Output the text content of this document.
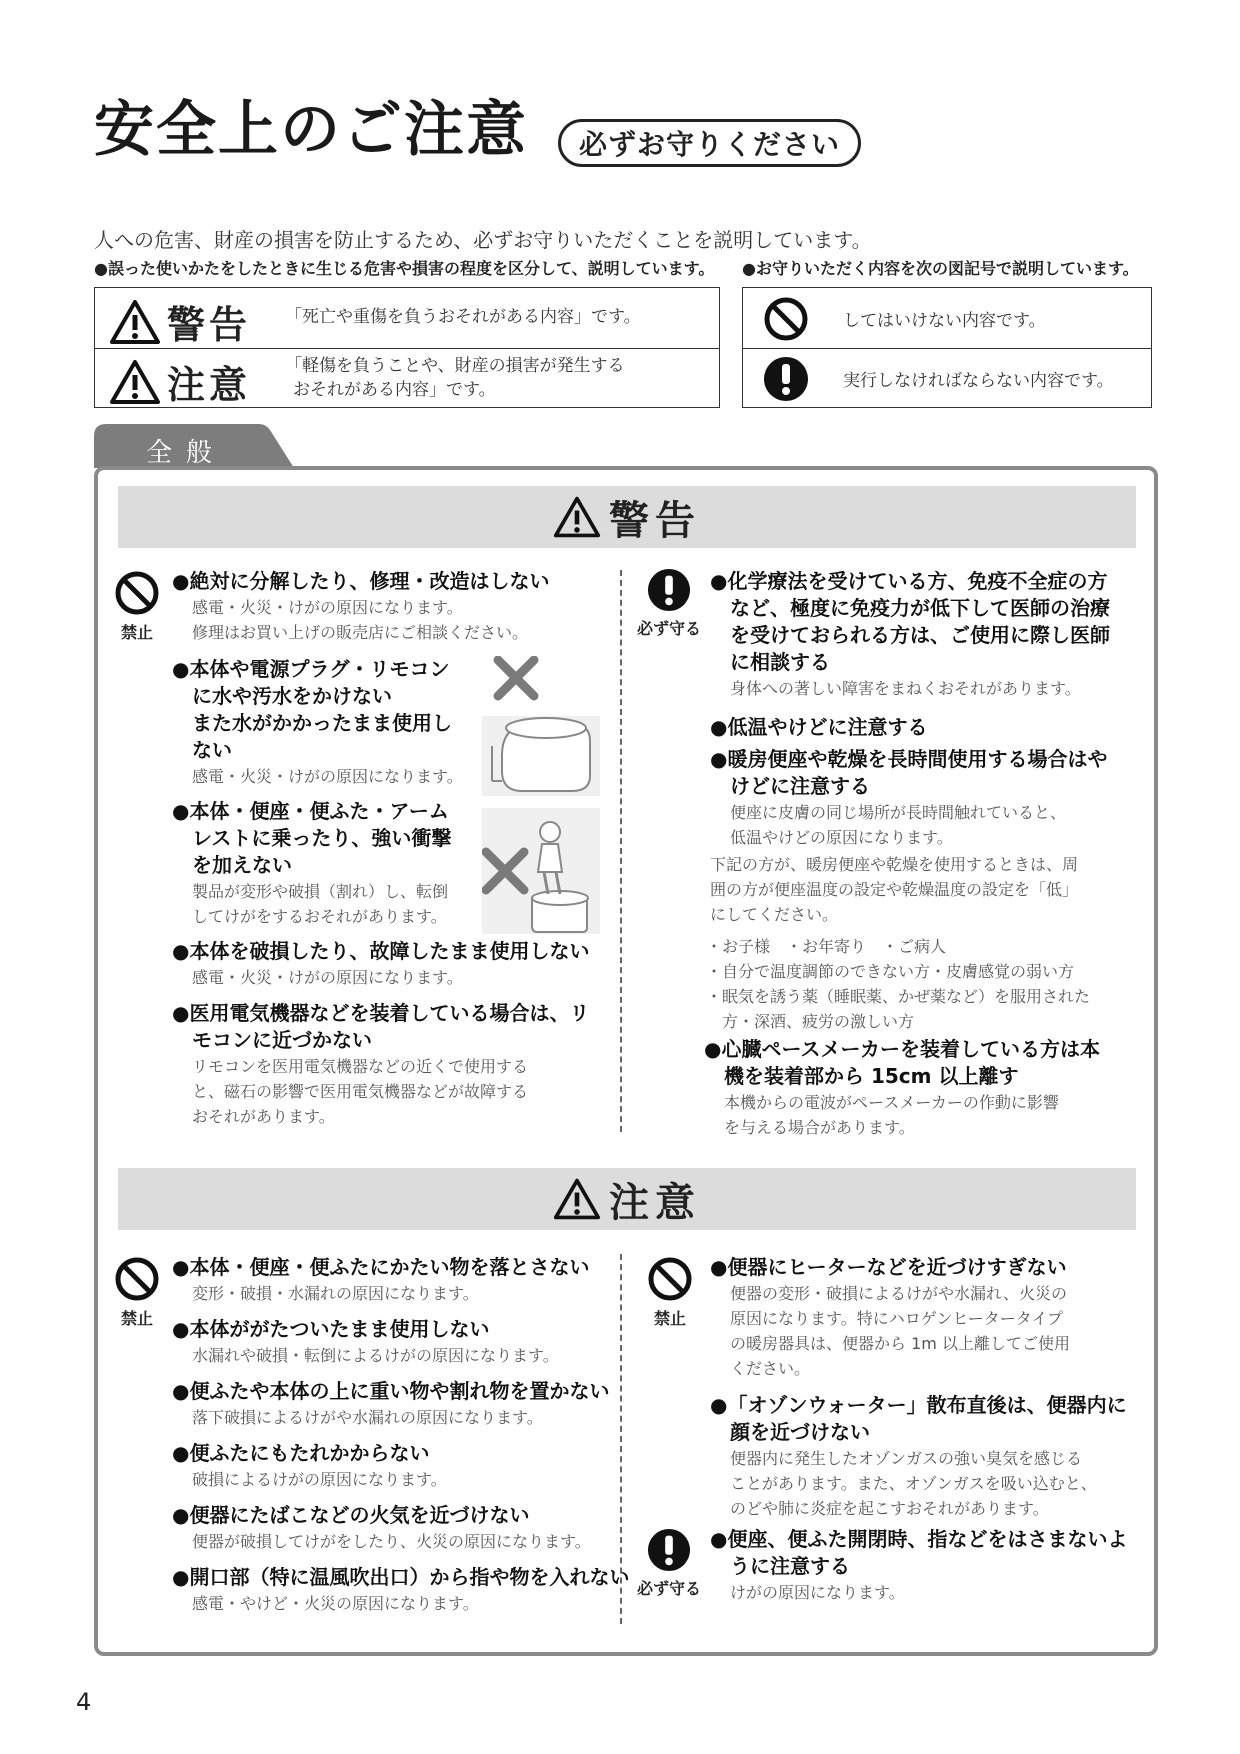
安全上のご注意	必ずお守りください
人への危害、財産の損害を防止するため、必ずお守りいただくことを説明しています。
●誤った使いかたをしたときに生じる危害や損害の程度を区分して、説明しています。 ●お守りいただく内容を次の図記号で説明しています。
警告 「死亡や重傷を負うおそれがある内容」です。
注意 「軽傷を負うことや、財産の損害が発生する
おそれがある内容」です。
してはいけない内容です。
実行しなければならない内容です。
全般
警告
禁止	必ず守る
●絶対に分解したり、修理・改造はしない
感電・火災・けがの原因になります。
修理はお買い上げの販売店にご相談ください。
●本体や電源プラグ・リモコン
に水や汚水をかけない
また水がかかったまま使用し
ない
感電・火災・けがの原因になります。
●本体・便座・便ふた・アーム
レストに乗ったり、強い衝撃
を加えない
製品が変形や破損（割れ）し、転倒
してけがをするおそれがあります。
●本体を破損したり、故障したまま使用しない
感電・火災・けがの原因になります。
●医用電気機器などを装着している場合は、リ
モコンに近づかない
リモコンを医用電気機器などの近くで使用する
と、磁石の影響で医用電気機器などが故障する
おそれがあります。
●化学療法を受けている方、免疫不全症の方
など、極度に免疫力が低下して医師の治療
を受けておられる方は、ご使用に際し医師
に相談する
身体への著しい障害をまねくおそれがあります。
●低温やけどに注意する
●暖房便座や乾燥を長時間使用する場合はや
けどに注意する
便座に皮膚の同じ場所が長時間触れていると、
低温やけどの原因になります。
下記の方が、暖房便座や乾燥を使用するときは、周
囲の方が便座温度の設定や乾燥温度の設定を「低」
にしてください。
・お子様　・お年寄り　・ご病人
・自分で温度調節のできない方・皮膚感覚の弱い方
・眠気を誘う薬（睡眠薬、かぜ薬など）を服用された
　方・深酒、疲労の激しい方
●心臓ペースメーカーを装着している方は本
機を装着部から 15cm 以上離す
本機からの電波がペースメーカーの作動に影響
を与える場合があります。
注意
禁止	禁止
必ず守る
●本体・便座・便ふたにかたい物を落とさない
変形・破損・水漏れの原因になります。
●本体ががたついたまま使用しない
水漏れや破損・転倒によるけがの原因になります。
●便ふたや本体の上に重い物や割れ物を置かない
落下破損によるけがや水漏れの原因になります。
●便ふたにもたれかからない
破損によるけがの原因になります。
●便器にたばこなどの火気を近づけない
便器が破損してけがをしたり、火災の原因になります。
●開口部（特に温風吹出口）から指や物を入れない
感電・やけど・火災の原因になります。
●便器にヒーターなどを近づけすぎない
便器の変形・破損によるけがや水漏れ、火災の
原因になります。特にハロゲンヒータータイプ
の暖房器具は、便器から 1m 以上離してご使用
ください。
●「オゾンウォーター」散布直後は、便器内に
顔を近づけない
便器内に発生したオゾンガスの強い臭気を感じる
ことがあります。また、オゾンガスを吸い込むと、
のどや肺に炎症を起こすおそれがあります。
●便座、便ふた開閉時、指などをはさまないよ
うに注意する
けがの原因になります。
4
